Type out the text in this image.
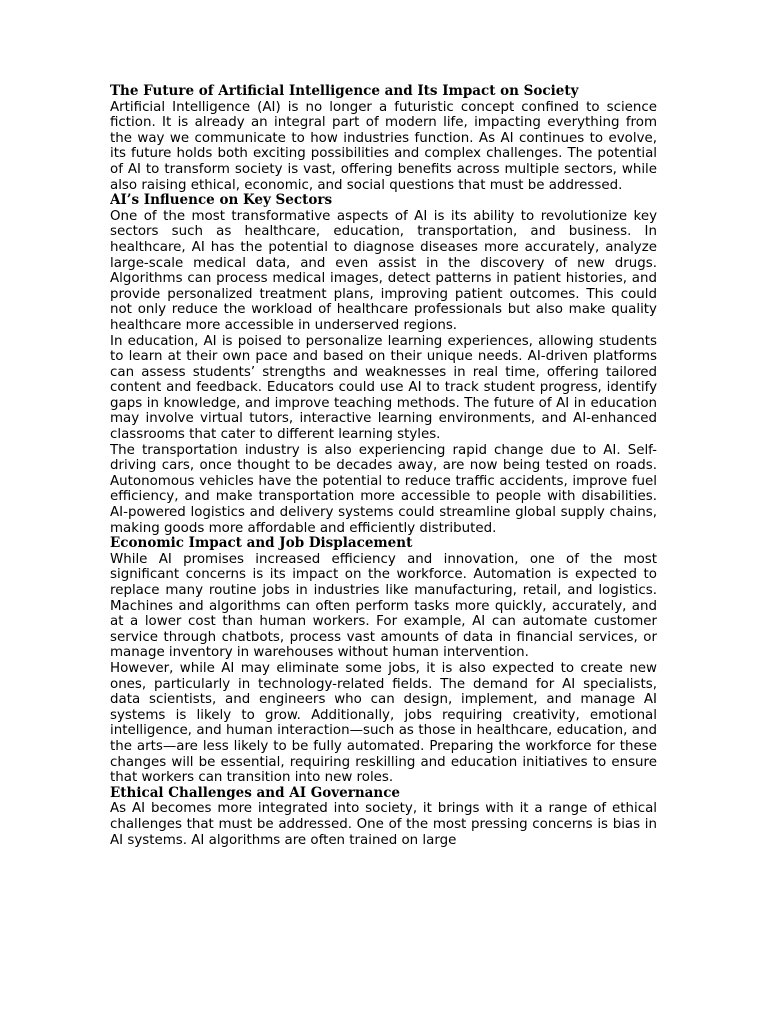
The Future of Artificial Intelligence and Its Impact on Society

Artificial Intelligence (AI) is no longer a futuristic concept confined to science fiction. It is already an integral part of modern life, impacting everything from the way we communicate to how industries function. As AI continues to evolve, its future holds both exciting possibilities and complex challenges. The potential of AI to transform society is vast, offering benefits across multiple sectors, while also raising ethical, economic, and social questions that must be addressed.

AI’s Influence on Key Sectors

One of the most transformative aspects of AI is its ability to revolutionize key sectors such as healthcare, education, transportation, and business. In healthcare, AI has the potential to diagnose diseases more accurately, analyze large-scale medical data, and even assist in the discovery of new drugs. Algorithms can process medical images, detect patterns in patient histories, and provide personalized treatment plans, improving patient outcomes. This could not only reduce the workload of healthcare professionals but also make quality healthcare more accessible in underserved regions.

In education, AI is poised to personalize learning experiences, allowing students to learn at their own pace and based on their unique needs. AI-driven platforms can assess students’ strengths and weaknesses in real time, offering tailored content and feedback. Educators could use AI to track student progress, identify gaps in knowledge, and improve teaching methods. The future of AI in education may involve virtual tutors, interactive learning environments, and AI-enhanced classrooms that cater to different learning styles.

The transportation industry is also experiencing rapid change due to AI. Self-driving cars, once thought to be decades away, are now being tested on roads. Autonomous vehicles have the potential to reduce traffic accidents, improve fuel efficiency, and make transportation more accessible to people with disabilities. AI-powered logistics and delivery systems could streamline global supply chains, making goods more affordable and efficiently distributed.

Economic Impact and Job Displacement

While AI promises increased efficiency and innovation, one of the most significant concerns is its impact on the workforce. Automation is expected to replace many routine jobs in industries like manufacturing, retail, and logistics. Machines and algorithms can often perform tasks more quickly, accurately, and at a lower cost than human workers. For example, AI can automate customer service through chatbots, process vast amounts of data in financial services, or manage inventory in warehouses without human intervention.

However, while AI may eliminate some jobs, it is also expected to create new ones, particularly in technology-related fields. The demand for AI specialists, data scientists, and engineers who can design, implement, and manage AI systems is likely to grow. Additionally, jobs requiring creativity, emotional intelligence, and human interaction—such as those in healthcare, education, and the arts—are less likely to be fully automated. Preparing the workforce for these changes will be essential, requiring reskilling and education initiatives to ensure that workers can transition into new roles.

Ethical Challenges and AI Governance

As AI becomes more integrated into society, it brings with it a range of ethical challenges that must be addressed. One of the most pressing concerns is bias in AI systems. AI algorithms are often trained on large
